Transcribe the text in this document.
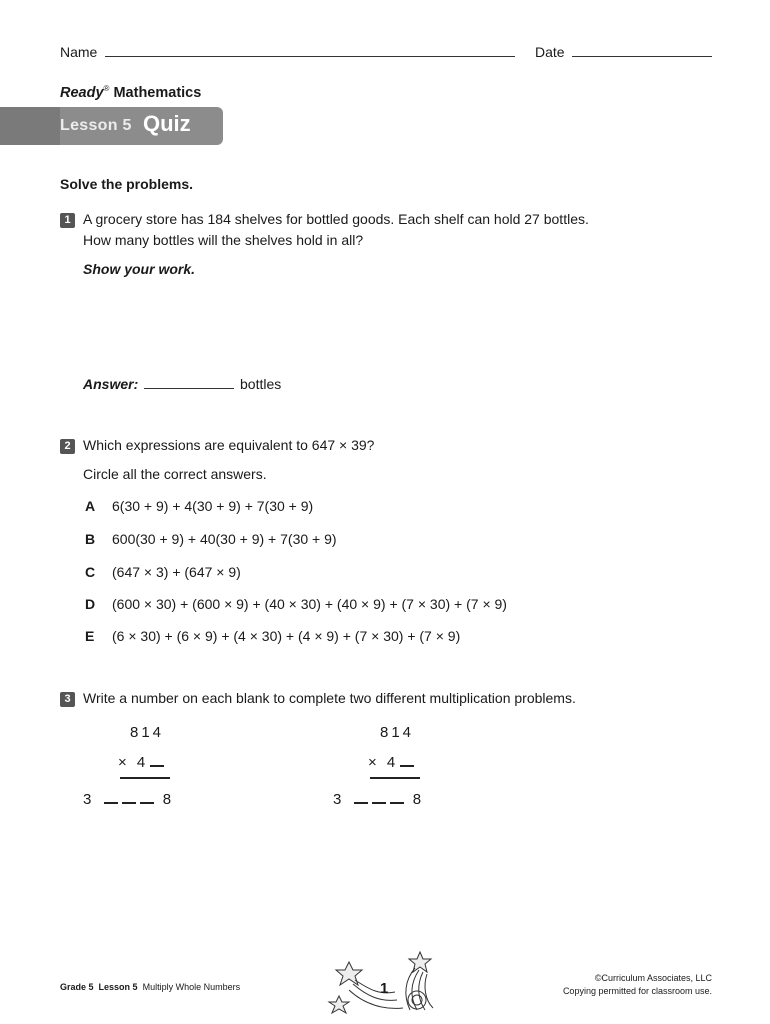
Name	Date
Ready® Mathematics
Lesson 5 Quiz
Solve the problems.
1 A grocery store has 184 shelves for bottled goods. Each shelf can hold 27 bottles.
How many bottles will the shelves hold in all?
Show your work.
Answer:	bottles
2 Which expressions are equivalent to 647 × 39?
Circle all the correct answers.
A 6(30 + 9) + 4(30 + 9) + 7(30 + 9)
B 600(30 + 9) + 40(30 + 9) + 7(30 + 9)
C (647 × 3) + (647 × 9)
D (600 × 30) + (600 × 9) + (40 × 30) + (40 × 9) + (7 × 30) + (7 × 9)
E (6 × 30) + (6 × 9) + (4 × 30) + (4 × 9) + (7 × 30) + (7 × 9)
3 Write a number on each blank to complete two different multiplication problems.
814
× 4
3	8
814
× 4
3	8
Grade 5 Lesson 5 Multiply Whole Numbers	1
©Curriculum Associates, LLC
Copying permitted for classroom use.
